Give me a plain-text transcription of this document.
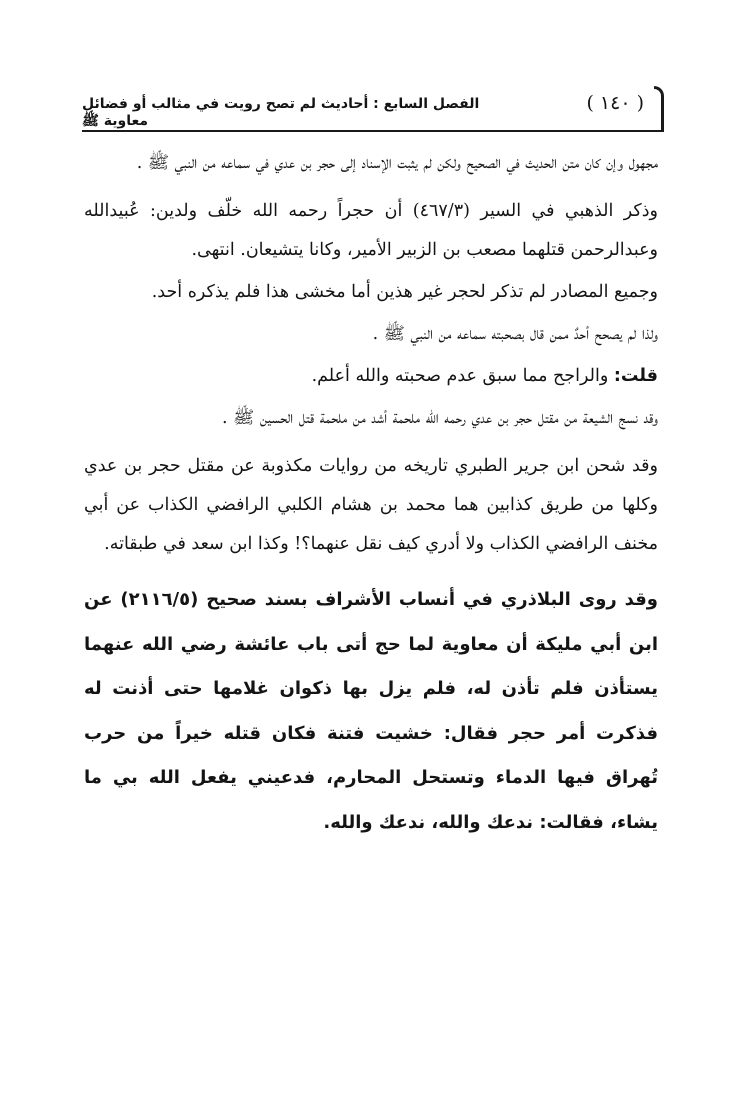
الفصل السابع : أحاديث لم تصح رويت في مثالب أو فضائل معاوية ﷺ
( ١٤٠ )

مجهول وإن كان متن الحديث في الصحيح ولكن لم يثبت الإسناد إلى حجر بن عدي في سماعه من النبي ﷺ .

وذكر الذهبي في السير (٤٦٧/٣) أن حجراً رحمه الله خلّف ولدين: عُبيدالله وعبدالرحمن قتلهما مصعب بن الزبير الأمير، وكانا يتشيعان. انتهى.

وجميع المصادر لم تذكر لحجر غير هذين أما مخشى هذا فلم يذكره أحد.

ولذا لم يصحح أحدٌ ممن قال بصحبته سماعه من النبي ﷺ .

قلت: والراجح مما سبق عدم صحبته والله أعلم.

وقد نسج الشيعة من مقتل حجر بن عدي رحمه الله ملحمة أشد من ملحمة قتل الحسين ﷺ .

وقد شحن ابن جرير الطبري تاريخه من روايات مكذوبة عن مقتل حجر بن عدي وكلها من طريق كذابين هما محمد بن هشام الكلبي الرافضي الكذاب عن أبي مخنف الرافضي الكذاب ولا أدري كيف نقل عنهما؟! وكذا ابن سعد في طبقاته.

وقد روى البلاذري في أنساب الأشراف بسند صحيح (٢١١٦/٥) عن ابن أبي مليكة أن معاوية لما حج أتى باب عائشة رضي الله عنهما يستأذن فلم تأذن له، فلم يزل بها ذكوان غلامها حتى أذنت له فذكرت أمر حجر فقال: خشيت فتنة فكان قتله خيراً من حرب تُهراق فيها الدماء وتستحل المحارم، فدعيني يفعل الله بي ما يشاء، فقالت: ندعك والله، ندعك والله.
